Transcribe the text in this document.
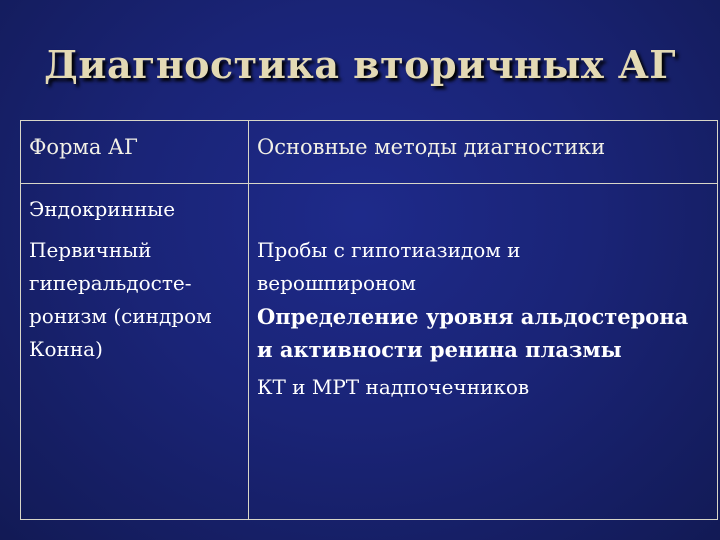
Диагностика вторичных АГ
Форма АГ	Основные методы диагностики
Эндокринные
Первичный
гиперальдосте-
ронизм (синдром
Конна)
Пробы с гипотиазидом и
верошпироном
Определение уровня альдостерона
и активности ренина плазмы
КТ и МРТ надпочечников
